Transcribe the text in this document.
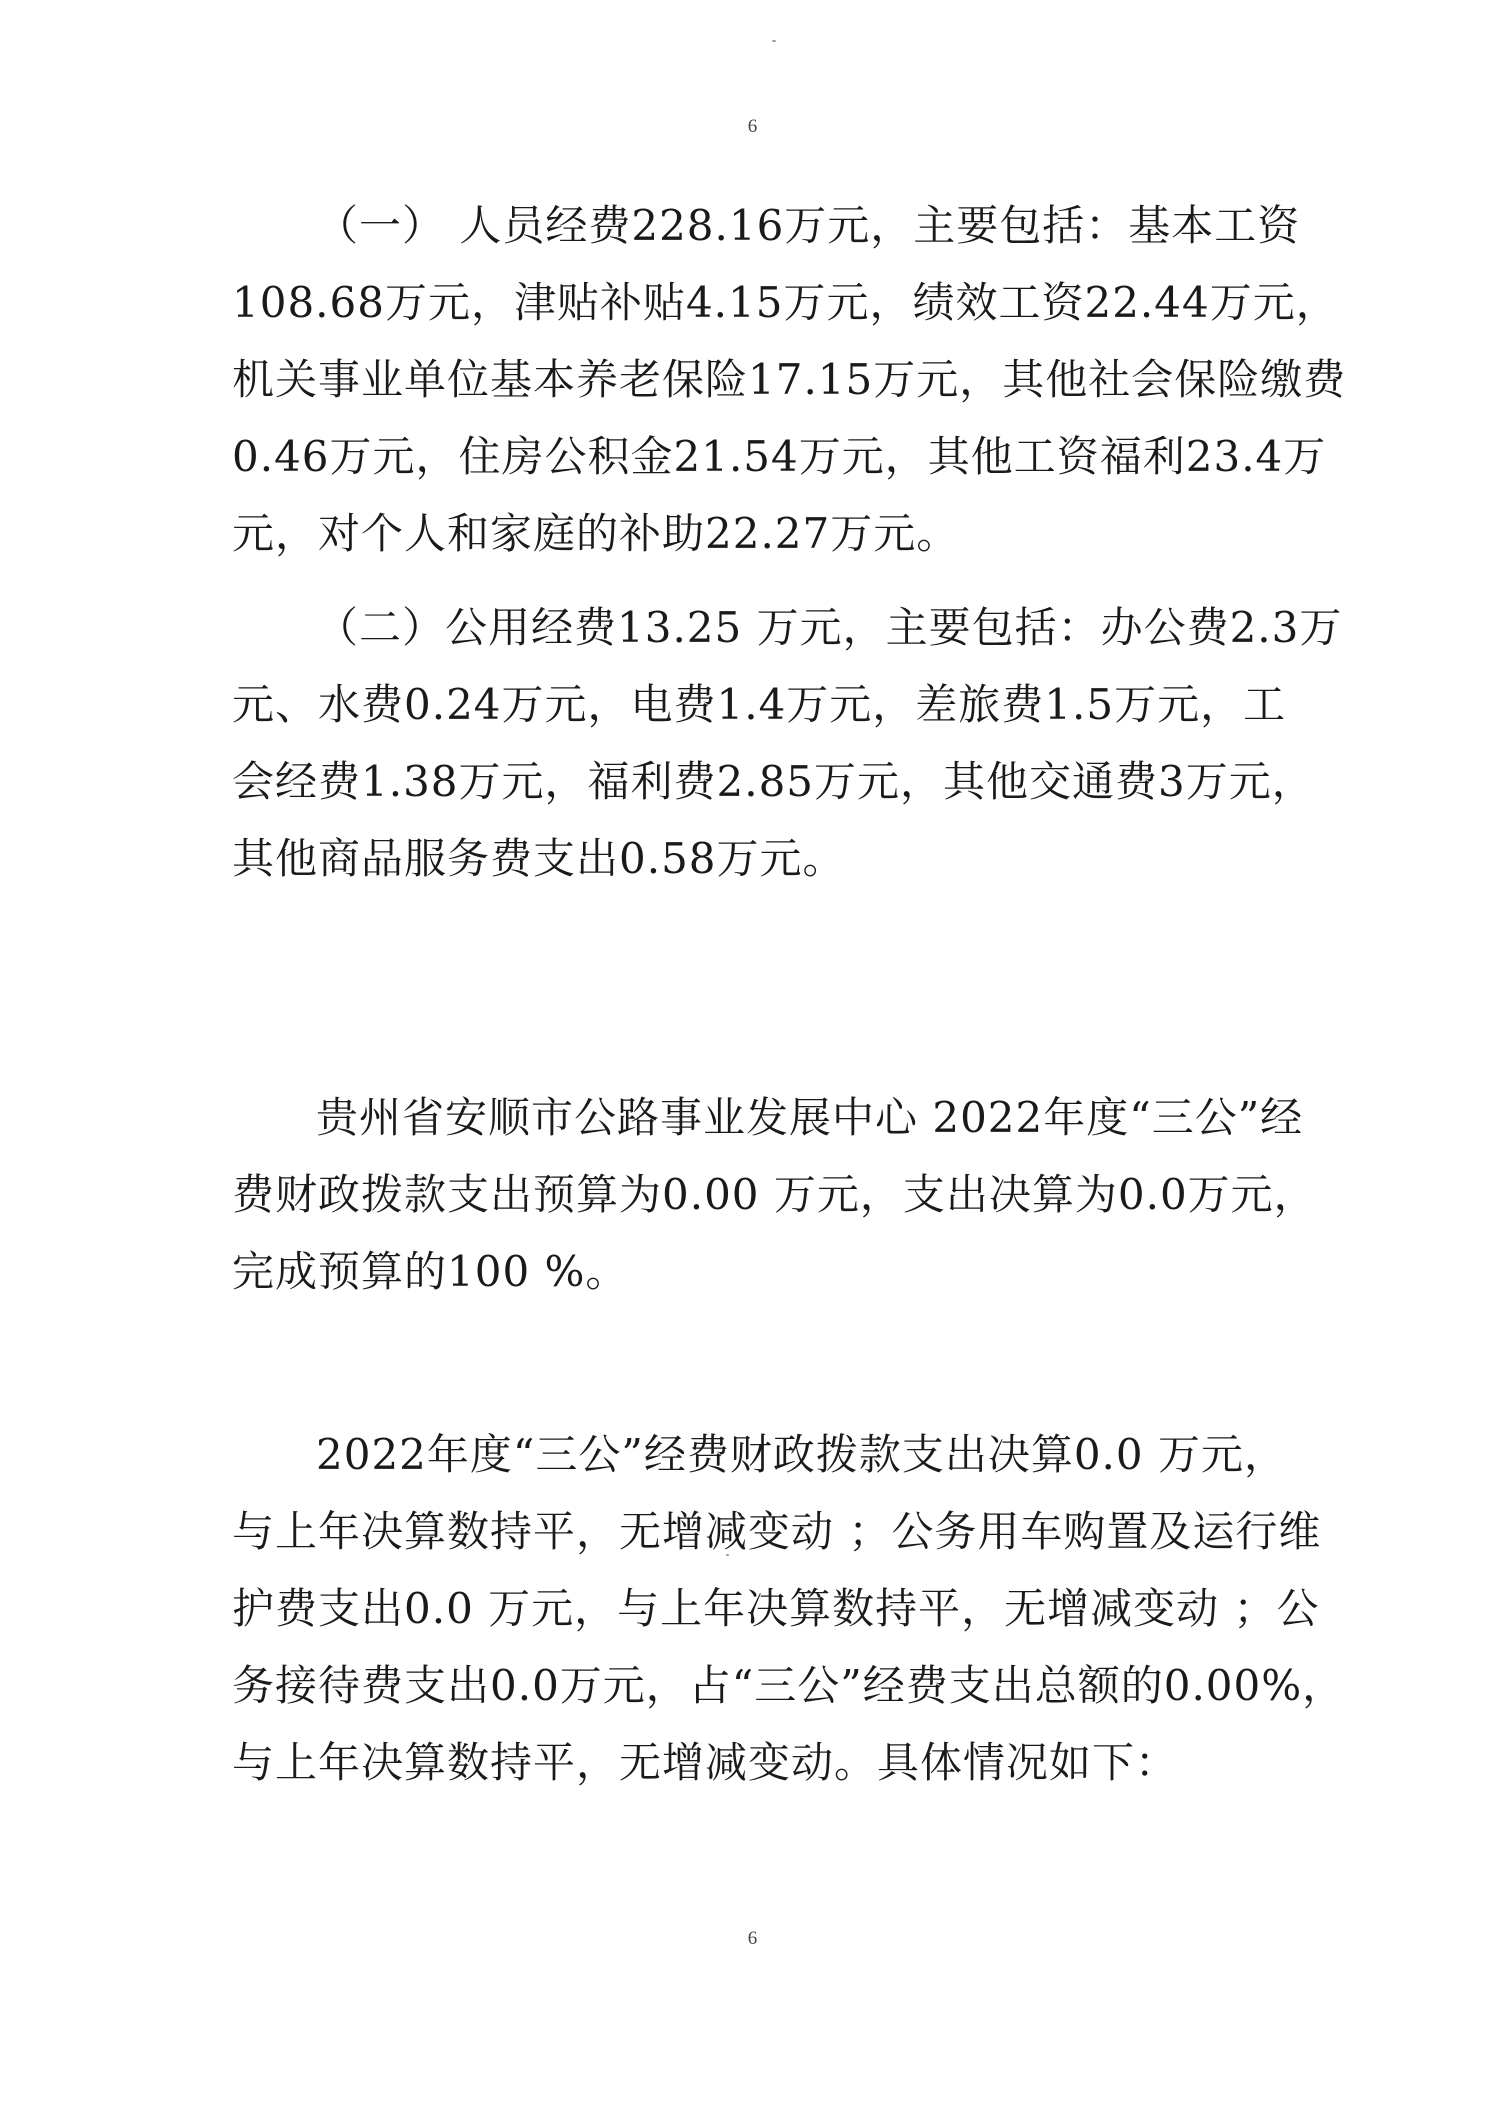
6
（一） 人员经费228.16万元，主要包括：基本工资
108.68万元，津贴补贴4.15万元，绩效工资22.44万元，
机关事业单位基本养老保险17.15万元，其他社会保险缴费
0.46万元，住房公积金21.54万元，其他工资福利23.4万
元，对个人和家庭的补助22.27万元。
（二）公用经费13.25 万元，主要包括：办公费2.3万
元、水费0.24万元，电费1.4万元，差旅费1.5万元，工
会经费1.38万元，福利费2.85万元，其他交通费3万元，
其他商品服务费支出0.58万元。
贵州省安顺市公路事业发展中心 2022年度“三公”经
费财政拨款支出预算为0.00 万元，支出决算为0.0万元，
完成预算的100 %。
2022年度“三公”经费财政拨款支出决算0.0 万元，
与上年决算数持平，无增减变动 ；公务用车购置及运行维
护费支出0.0 万元，与上年决算数持平，无增减变动 ；公
务接待费支出0.0万元，占“三公”经费支出总额的0.00%，
与上年决算数持平，无增减变动。具体情况如下：
6
